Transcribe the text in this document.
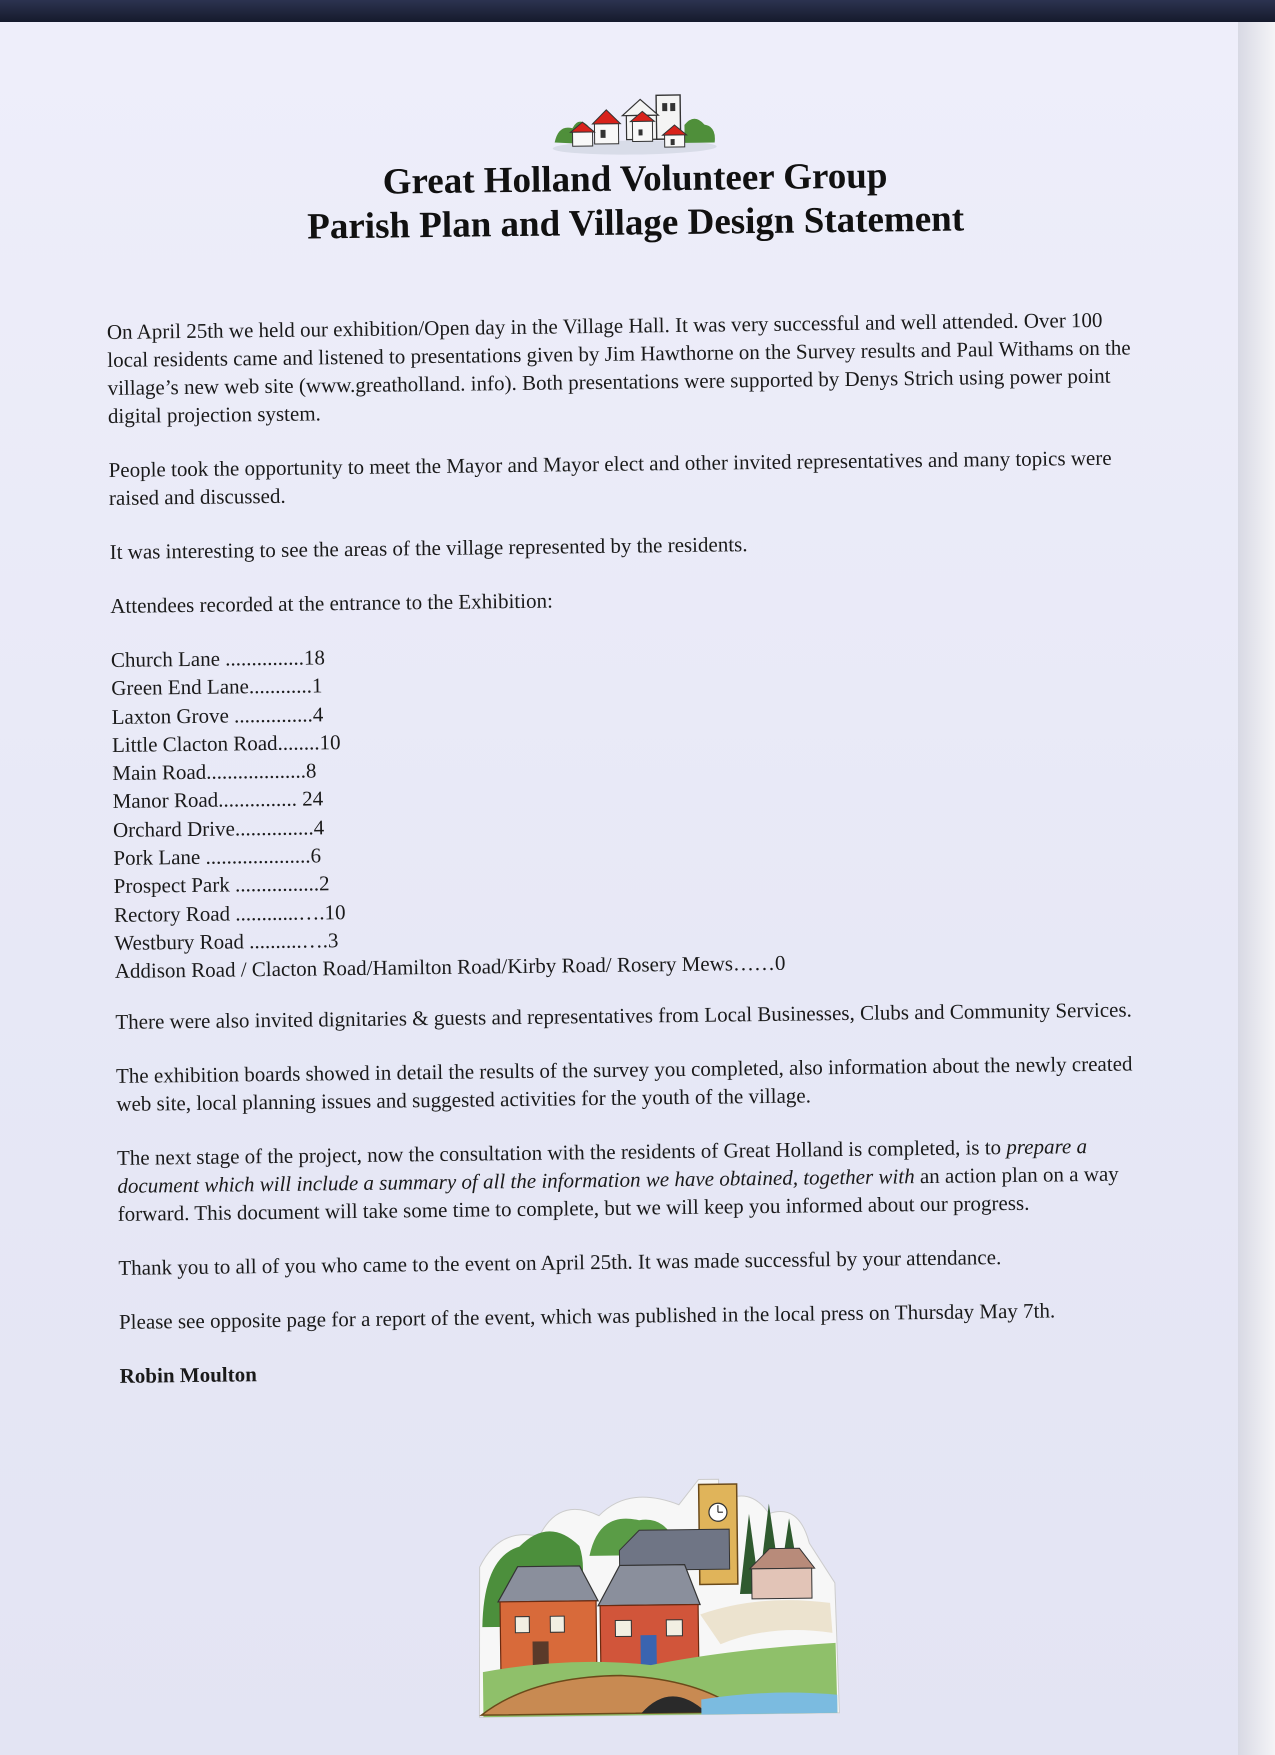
Great Holland Volunteer Group
Parish Plan and Village Design Statement

On April 25th we held our exhibition/Open day in the Village Hall. It was very successful and well attended. Over 100 local residents came and listened to presentations given by Jim Hawthorne on the Survey results and Paul Withams on the village’s new web site (www.greatholland. info). Both presentations were supported by Denys Strich using power point digital projection system.

People took the opportunity to meet the Mayor and Mayor elect and other invited representatives and many topics were raised and discussed.

It was interesting to see the areas of the village represented by the residents.

Attendees recorded at the entrance to the Exhibition:

Church Lane ...............18
Green End Lane............1
Laxton Grove ...............4
Little Clacton Road........10
Main Road...................8
Manor Road............... 24
Orchard Drive...............4
Pork Lane ....................6
Prospect Park ................2
Rectory Road ............….10
Westbury Road ..........….3
Addison Road / Clacton Road/Hamilton Road/Kirby Road/ Rosery Mews……0

There were also invited dignitaries & guests and representatives from Local Businesses, Clubs and Community Services.

The exhibition boards showed in detail the results of the survey you completed, also information about the newly created web site, local planning issues and suggested activities for the youth of the village.

The next stage of the project, now the consultation with the residents of Great Holland is completed, is to prepare a document which will include a summary of all the information we have obtained, together with an action plan on a way forward. This document will take some time to complete, but we will keep you informed about our progress.

Thank you to all of you who came to the event on April 25th. It was made successful by your attendance.

Please see opposite page for a report of the event, which was published in the local press on Thursday May 7th.

Robin Moulton
